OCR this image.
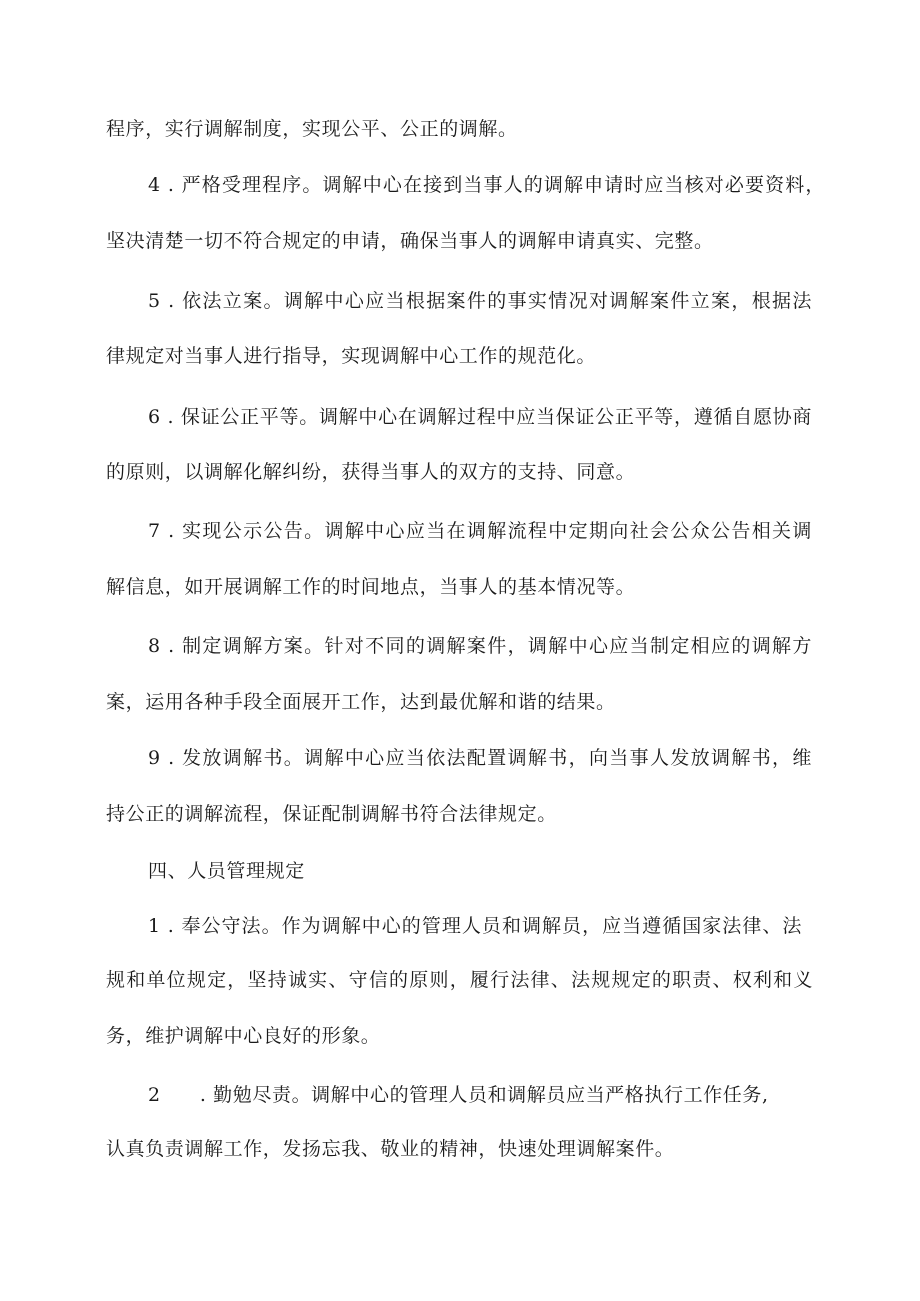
程序，实行调解制度，实现公平、公正的调解。
4 . 严格受理程序。调解中心在接到当事人的调解申请时应当核对必要资料，
坚决清楚一切不符合规定的申请，确保当事人的调解申请真实、完整。
5 . 依法立案。调解中心应当根据案件的事实情况对调解案件立案，根据法
律规定对当事人进行指导，实现调解中心工作的规范化。
6 . 保证公正平等。调解中心在调解过程中应当保证公正平等，遵循自愿协商
的原则，以调解化解纠纷，获得当事人的双方的支持、同意。
7 . 实现公示公告。调解中心应当在调解流程中定期向社会公众公告相关调
解信息，如开展调解工作的时间地点，当事人的基本情况等。
8 . 制定调解方案。针对不同的调解案件，调解中心应当制定相应的调解方
案，运用各种手段全面展开工作，达到最优解和谐的结果。
9 . 发放调解书。调解中心应当依法配置调解书，向当事人发放调解书，维
持公正的调解流程，保证配制调解书符合法律规定。
四、人员管理规定
1 . 奉公守法。作为调解中心的管理人员和调解员，应当遵循国家法律、法
规和单位规定，坚持诚实、守信的原则，履行法律、法规规定的职责、权利和义
务，维护调解中心良好的形象。
2　　. 勤勉尽责。调解中心的管理人员和调解员应当严格执行工作任务,
认真负责调解工作，发扬忘我、敬业的精神，快速处理调解案件。
